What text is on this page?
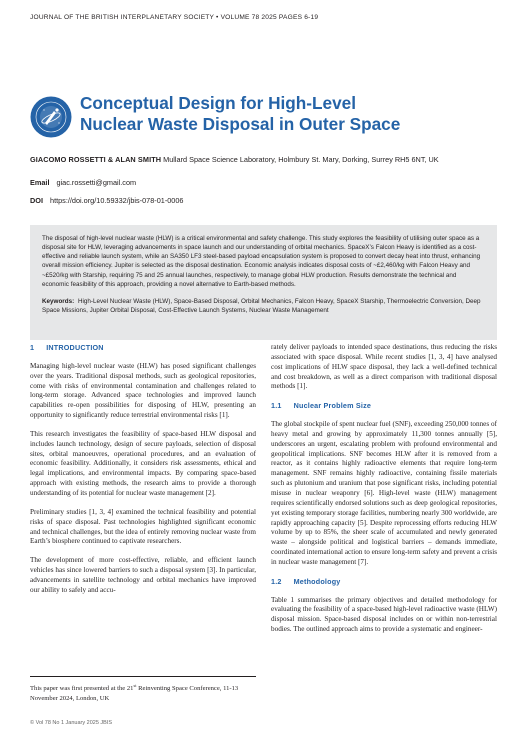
JOURNAL OF THE BRITISH INTERPLANETARY SOCIETY • VOLUME 78 2025 PAGES 6-19
Conceptual Design for High-Level Nuclear Waste Disposal in Outer Space
GIACOMO ROSSETTI & ALAN SMITH Mullard Space Science Laboratory, Holmbury St. Mary, Dorking, Surrey RH5 6NT, UK
Email giac.rossetti@gmail.com
DOI https://doi.org/10.59332/jbis-078-01-0006
The disposal of high-level nuclear waste (HLW) is a critical environmental and safety challenge. This study explores the feasibility of utilising outer space as a disposal site for HLW, leveraging advancements in space launch and our understanding of orbital mechanics. SpaceX’s Falcon Heavy is identified as a cost-effective and reliable launch system, while an SA350 LF3 steel-based payload encapsulation system is proposed to convert decay heat into thrust, enhancing overall mission efficiency. Jupiter is selected as the disposal destination. Economic analysis indicates disposal costs of ~£2,460/kg with Falcon Heavy and ~£520/kg with Starship, requiring 75 and 25 annual launches, respectively, to manage global HLW production. Results demonstrate the technical and economic feasibility of this approach, providing a novel alternative to Earth-based methods.
Keywords: High-Level Nuclear Waste (HLW), Space-Based Disposal, Orbital Mechanics, Falcon Heavy, SpaceX Starship, Thermoelectric Conversion, Deep Space Missions, Jupiter Orbital Disposal, Cost-Effective Launch Systems, Nuclear Waste Management
1 INTRODUCTION

Managing high-level nuclear waste (HLW) has posed significant challenges over the years. Traditional disposal methods, such as geological repositories, come with risks of environmental contamination and challenges related to long-term storage. Advanced space technologies and improved launch capabilities re-open possibilities for disposing of HLW, presenting an opportunity to significantly reduce terrestrial environmental risks [1].

This research investigates the feasibility of space-based HLW disposal and includes launch technology, design of secure payloads, selection of disposal sites, orbital manoeuvres, operational procedures, and an evaluation of economic feasibility. Additionally, it considers risk assessments, ethical and legal implications, and environmental impacts. By comparing space-based approach with existing methods, the research aims to provide a thorough understanding of its potential for nuclear waste management [2].

Preliminary studies [1, 3, 4] examined the technical feasibility and potential risks of space disposal. Past technologies highlighted significant economic and technical challenges, but the idea of entirely removing nuclear waste from Earth’s biosphere continued to captivate researchers.

The development of more cost-effective, reliable, and efficient launch vehicles has since lowered barriers to such a disposal system [3]. In particular, advancements in satellite technology and orbital mechanics have improved our ability to safely and accu-

rately deliver payloads to intended space destinations, thus reducing the risks associated with space disposal. While recent studies [1, 3, 4] have analysed cost implications of HLW space disposal, they lack a well-defined technical and cost breakdown, as well as a direct comparison with traditional disposal methods [1].

1.1 Nuclear Problem Size

The global stockpile of spent nuclear fuel (SNF), exceeding 250,000 tonnes of heavy metal and growing by approximately 11,300 tonnes annually [5], underscores an urgent, escalating problem with profound environmental and geopolitical implications. SNF becomes HLW after it is removed from a reactor, as it contains highly radioactive elements that require long-term management. SNF remains highly radioactive, containing fissile materials such as plutonium and uranium that pose significant risks, including potential misuse in nuclear weaponry [6]. High-level waste (HLW) management requires scientifically endorsed solutions such as deep geological repositories, yet existing temporary storage facilities, numbering nearly 300 worldwide, are rapidly approaching capacity [5]. Despite reprocessing efforts reducing HLW volume by up to 85%, the sheer scale of accumulated and newly generated waste – alongside political and logistical barriers – demands immediate, coordinated international action to ensure long-term safety and prevent a crisis in nuclear waste management [7].

1.2 Methodology

Table 1 summarises the primary objectives and detailed methodology for evaluating the feasibility of a space-based high-level radioactive waste (HLW) disposal mission. Space-based disposal includes on or within non-terrestrial bodies. The outlined approach aims to provide a systematic and engineer-

This paper was first presented at the 21st Reinventing Space Conference, 11-13 November 2024, London, UK
© Vol 78 No 1 January 2025 JBIS
